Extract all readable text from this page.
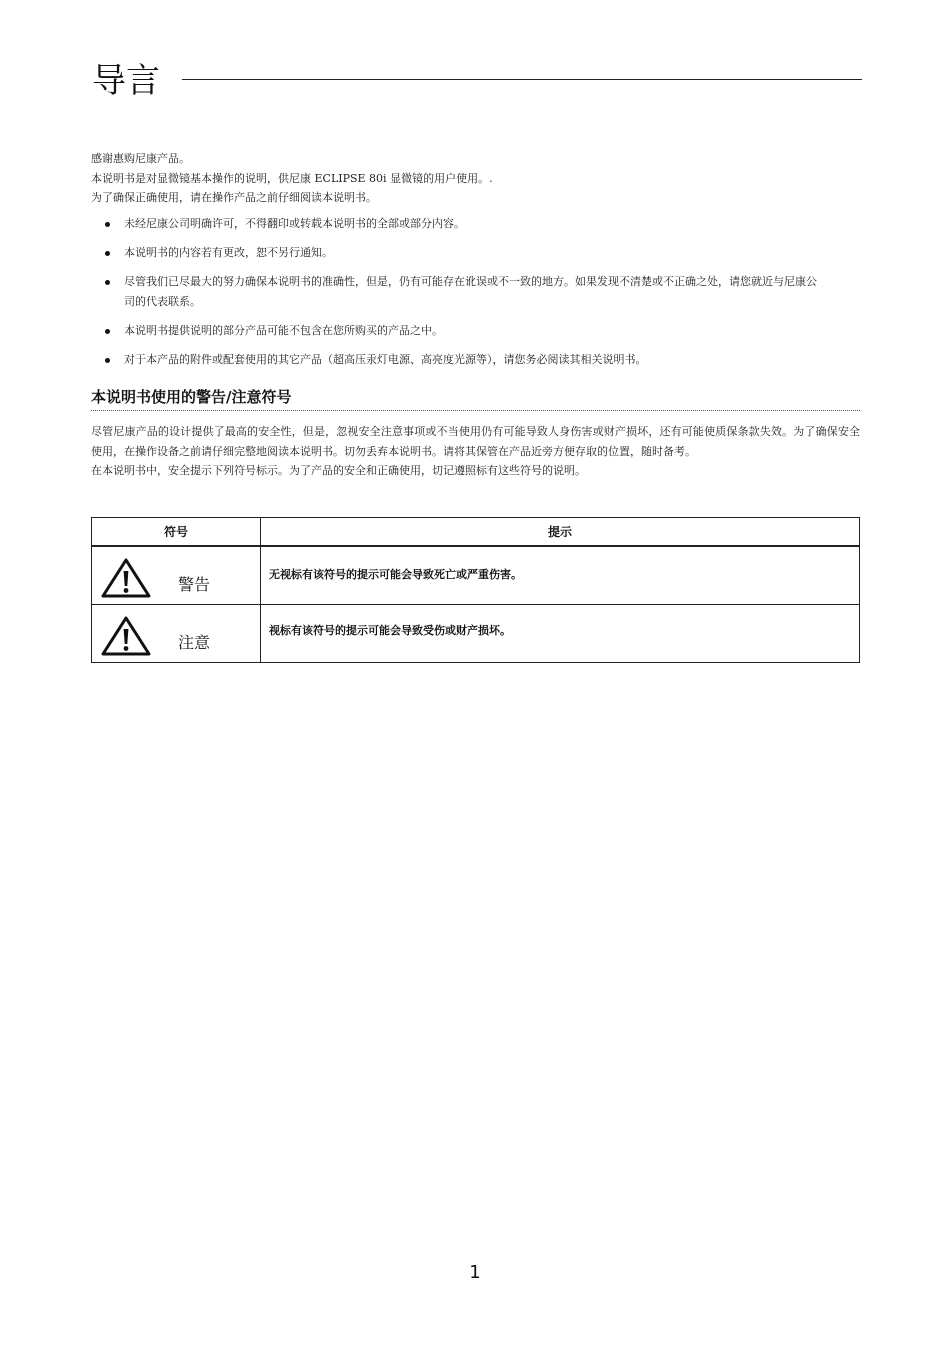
导言

感谢惠购尼康产品。

本说明书是对显微镜基本操作的说明，供尼康 ECLIPSE 80i 显微镜的用户使用。.

为了确保正确使用，请在操作产品之前仔细阅读本说明书。

未经尼康公司明确许可，不得翻印或转载本说明书的全部或部分内容。
本说明书的内容若有更改，恕不另行通知。
尽管我们已尽最大的努力确保本说明书的准确性，但是，仍有可能存在讹误或不一致的地方。如果发现不清楚或不正确之处，请您就近与尼康公司的代表联系。
本说明书提供说明的部分产品可能不包含在您所购买的产品之中。
对于本产品的附件或配套使用的其它产品（超高压汞灯电源、高亮度光源等），请您务必阅读其相关说明书。
本说明书使用的警告/注意符号

尽管尼康产品的设计提供了最高的安全性，但是，忽视安全注意事项或不当使用仍有可能导致人身伤害或财产损坏，还有可能使质保条款失效。为了确保安全使用，在操作设备之前请仔细完整地阅读本说明书。切勿丢弃本说明书。请将其保管在产品近旁方便存取的位置，随时备考。

在本说明书中，安全提示下列符号标示。为了产品的安全和正确使用，切记遵照标有这些符号的说明。

符号	提示

警告	无视标有该符号的提示可能会导致死亡或严重伤害。

注意	视标有该符号的提示可能会导致受伤或财产损坏。
1
